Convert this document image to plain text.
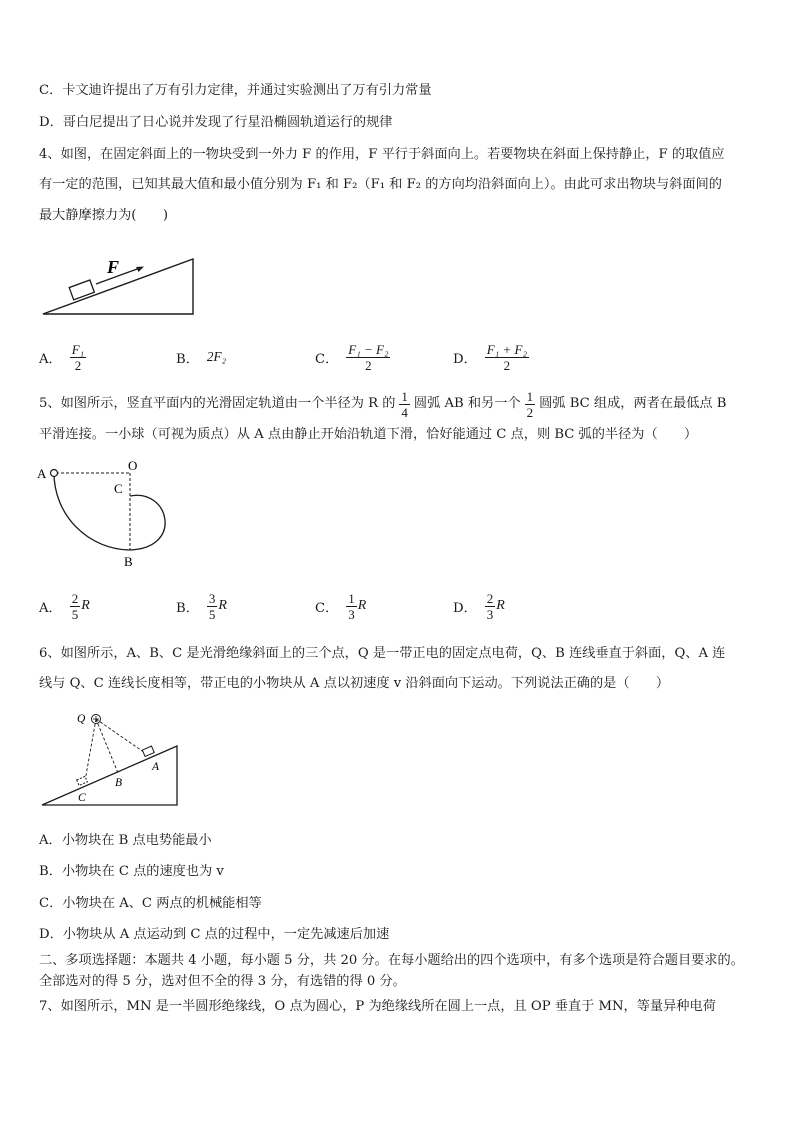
C．卡文迪许提出了万有引力定律，并通过实验测出了万有引力常量
D．哥白尼提出了日心说并发现了行星沿椭圆轨道运行的规律
4、如图，在固定斜面上的一物块受到一外力 F 的作用，F 平行于斜面向上。若要物块在斜面上保持静止，F 的取值应
有一定的范围，已知其最大值和最小值分别为 F₁ 和 F₂（F₁ 和 F₂ 的方向均沿斜面向上）。由此可求出物块与斜面间的
最大静摩擦力为(　　)
F
A． $\frac{\text{F₁}}{2}$	B． 2F₂	C． $\frac{\text{F₁ − F₂}}{2}$	D． $\frac{\text{F₁ + F₂}}{2}$
5、如图所示，竖直平面内的光滑固定轨道由一个半径为 R 的 $\frac{1}{4}$ 圆弧 AB 和另一个 $\frac{1}{2}$ 圆弧 BC 组成，两者在最低点 B
平滑连接。一小球（可视为质点）从 A 点由静止开始沿轨道下滑，恰好能通过 C 点，则 BC 弧的半径为（　　）
A
O
C
B
A． $\frac{2}{5}$ R	B． $\frac{3}{5}$ R	C． $\frac{1}{3}$ R	D． $\frac{2}{3}$ R
6、如图所示，A、B、C 是光滑绝缘斜面上的三个点，Q 是一带正电的固定点电荷，Q、B 连线垂直于斜面，Q、A 连
线与 Q、C 连线长度相等，带正电的小物块从 A 点以初速度 v 沿斜面向下运动。下列说法正确的是（　　）
Q
A
B
C
A．小物块在 B 点电势能最小
B．小物块在 C 点的速度也为 v
C．小物块在 A、C 两点的机械能相等
D．小物块从 A 点运动到 C 点的过程中，一定先减速后加速
二、多项选择题：本题共 4 小题，每小题 5 分，共 20 分。在每小题给出的四个选项中，有多个选项是符合题目要求的。
全部选对的得 5 分，选对但不全的得 3 分，有选错的得 0 分。
7、如图所示，MN 是一半圆形绝缘线，O 点为圆心，P 为绝缘线所在圆上一点，且 OP 垂直于 MN，等量异种电荷
